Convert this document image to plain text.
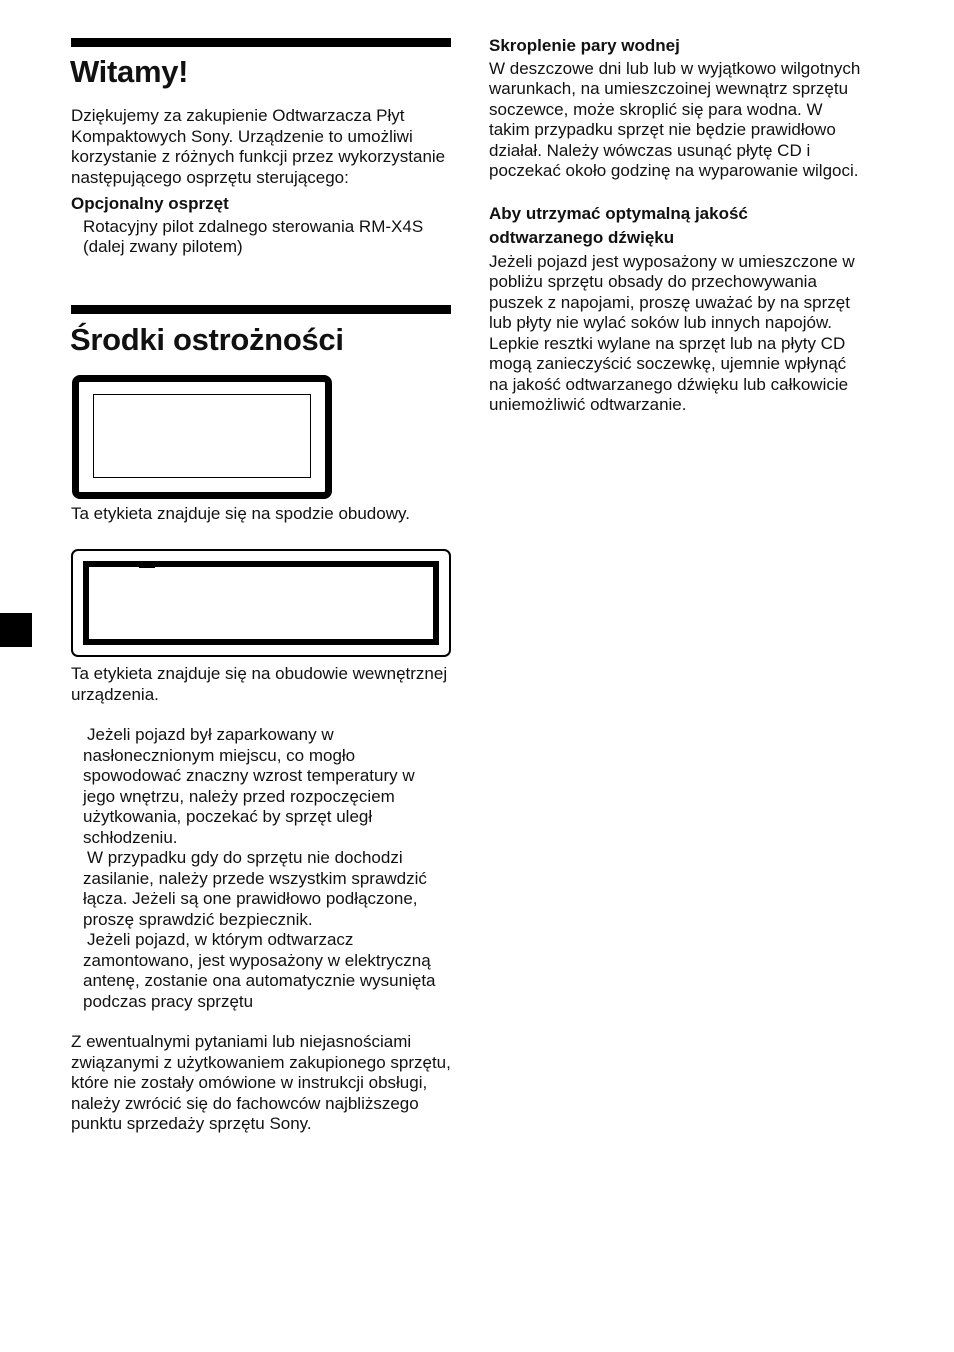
Witamy!

Dziękujemy za zakupienie Odtwarzacza Płyt Kompaktowych Sony. Urządzenie to umożliwi korzystanie z różnych funkcji przez wykorzystanie następującego osprzętu sterującego:

Opcjonalny osprzęt

Rotacyjny pilot zdalnego sterowania RM-X4S (dalej zwany pilotem)

Środki ostrożności

Ta etykieta znajduje się na spodzie obudowy.

Ta etykieta znajduje się na obudowie wewnętrznej urządzenia.

Jeżeli pojazd był zaparkowany w nasłonecznionym miejscu, co mogło spowodować znaczny wzrost temperatury w jego wnętrzu, należy przed rozpoczęciem użytkowania, poczekać by sprzęt uległ schłodzeniu.

W przypadku gdy do sprzętu nie dochodzi zasilanie, należy przede wszystkim sprawdzić łącza. Jeżeli są one prawidłowo podłączone, proszę sprawdzić bezpiecznik.

Jeżeli pojazd, w którym odtwarzacz zamontowano, jest wyposażony w elektryczną antenę, zostanie ona automatycznie wysunięta podczas pracy sprzętu

Z ewentualnymi pytaniami lub niejasnościami związanymi z użytkowaniem zakupionego sprzętu, które nie zostały omówione w instrukcji obsługi, należy zwrócić się do fachowców najbliższego punktu sprzedaży sprzętu Sony.

Skroplenie pary wodnej

W deszczowe dni lub lub w wyjątkowo wilgotnych warunkach, na umieszczoinej wewnątrz sprzętu soczewce, może skroplić się para wodna. W takim przypadku sprzęt nie będzie prawidłowo działał. Należy wówczas usunąć płytę CD i poczekać około godzinę na wyparowanie wilgoci.

Aby utrzymać optymalną jakość odtwarzanego dźwięku

Jeżeli pojazd jest wyposażony w umieszczone w pobliżu sprzętu obsady do przechowywania puszek z napojami, proszę uważać by na sprzęt lub płyty nie wylać soków lub innych napojów. Lepkie resztki wylane na sprzęt lub na płyty CD mogą zanieczyścić soczewkę, ujemnie wpłynąć na jakość odtwarzanego dźwięku lub całkowicie uniemożliwić odtwarzanie.
